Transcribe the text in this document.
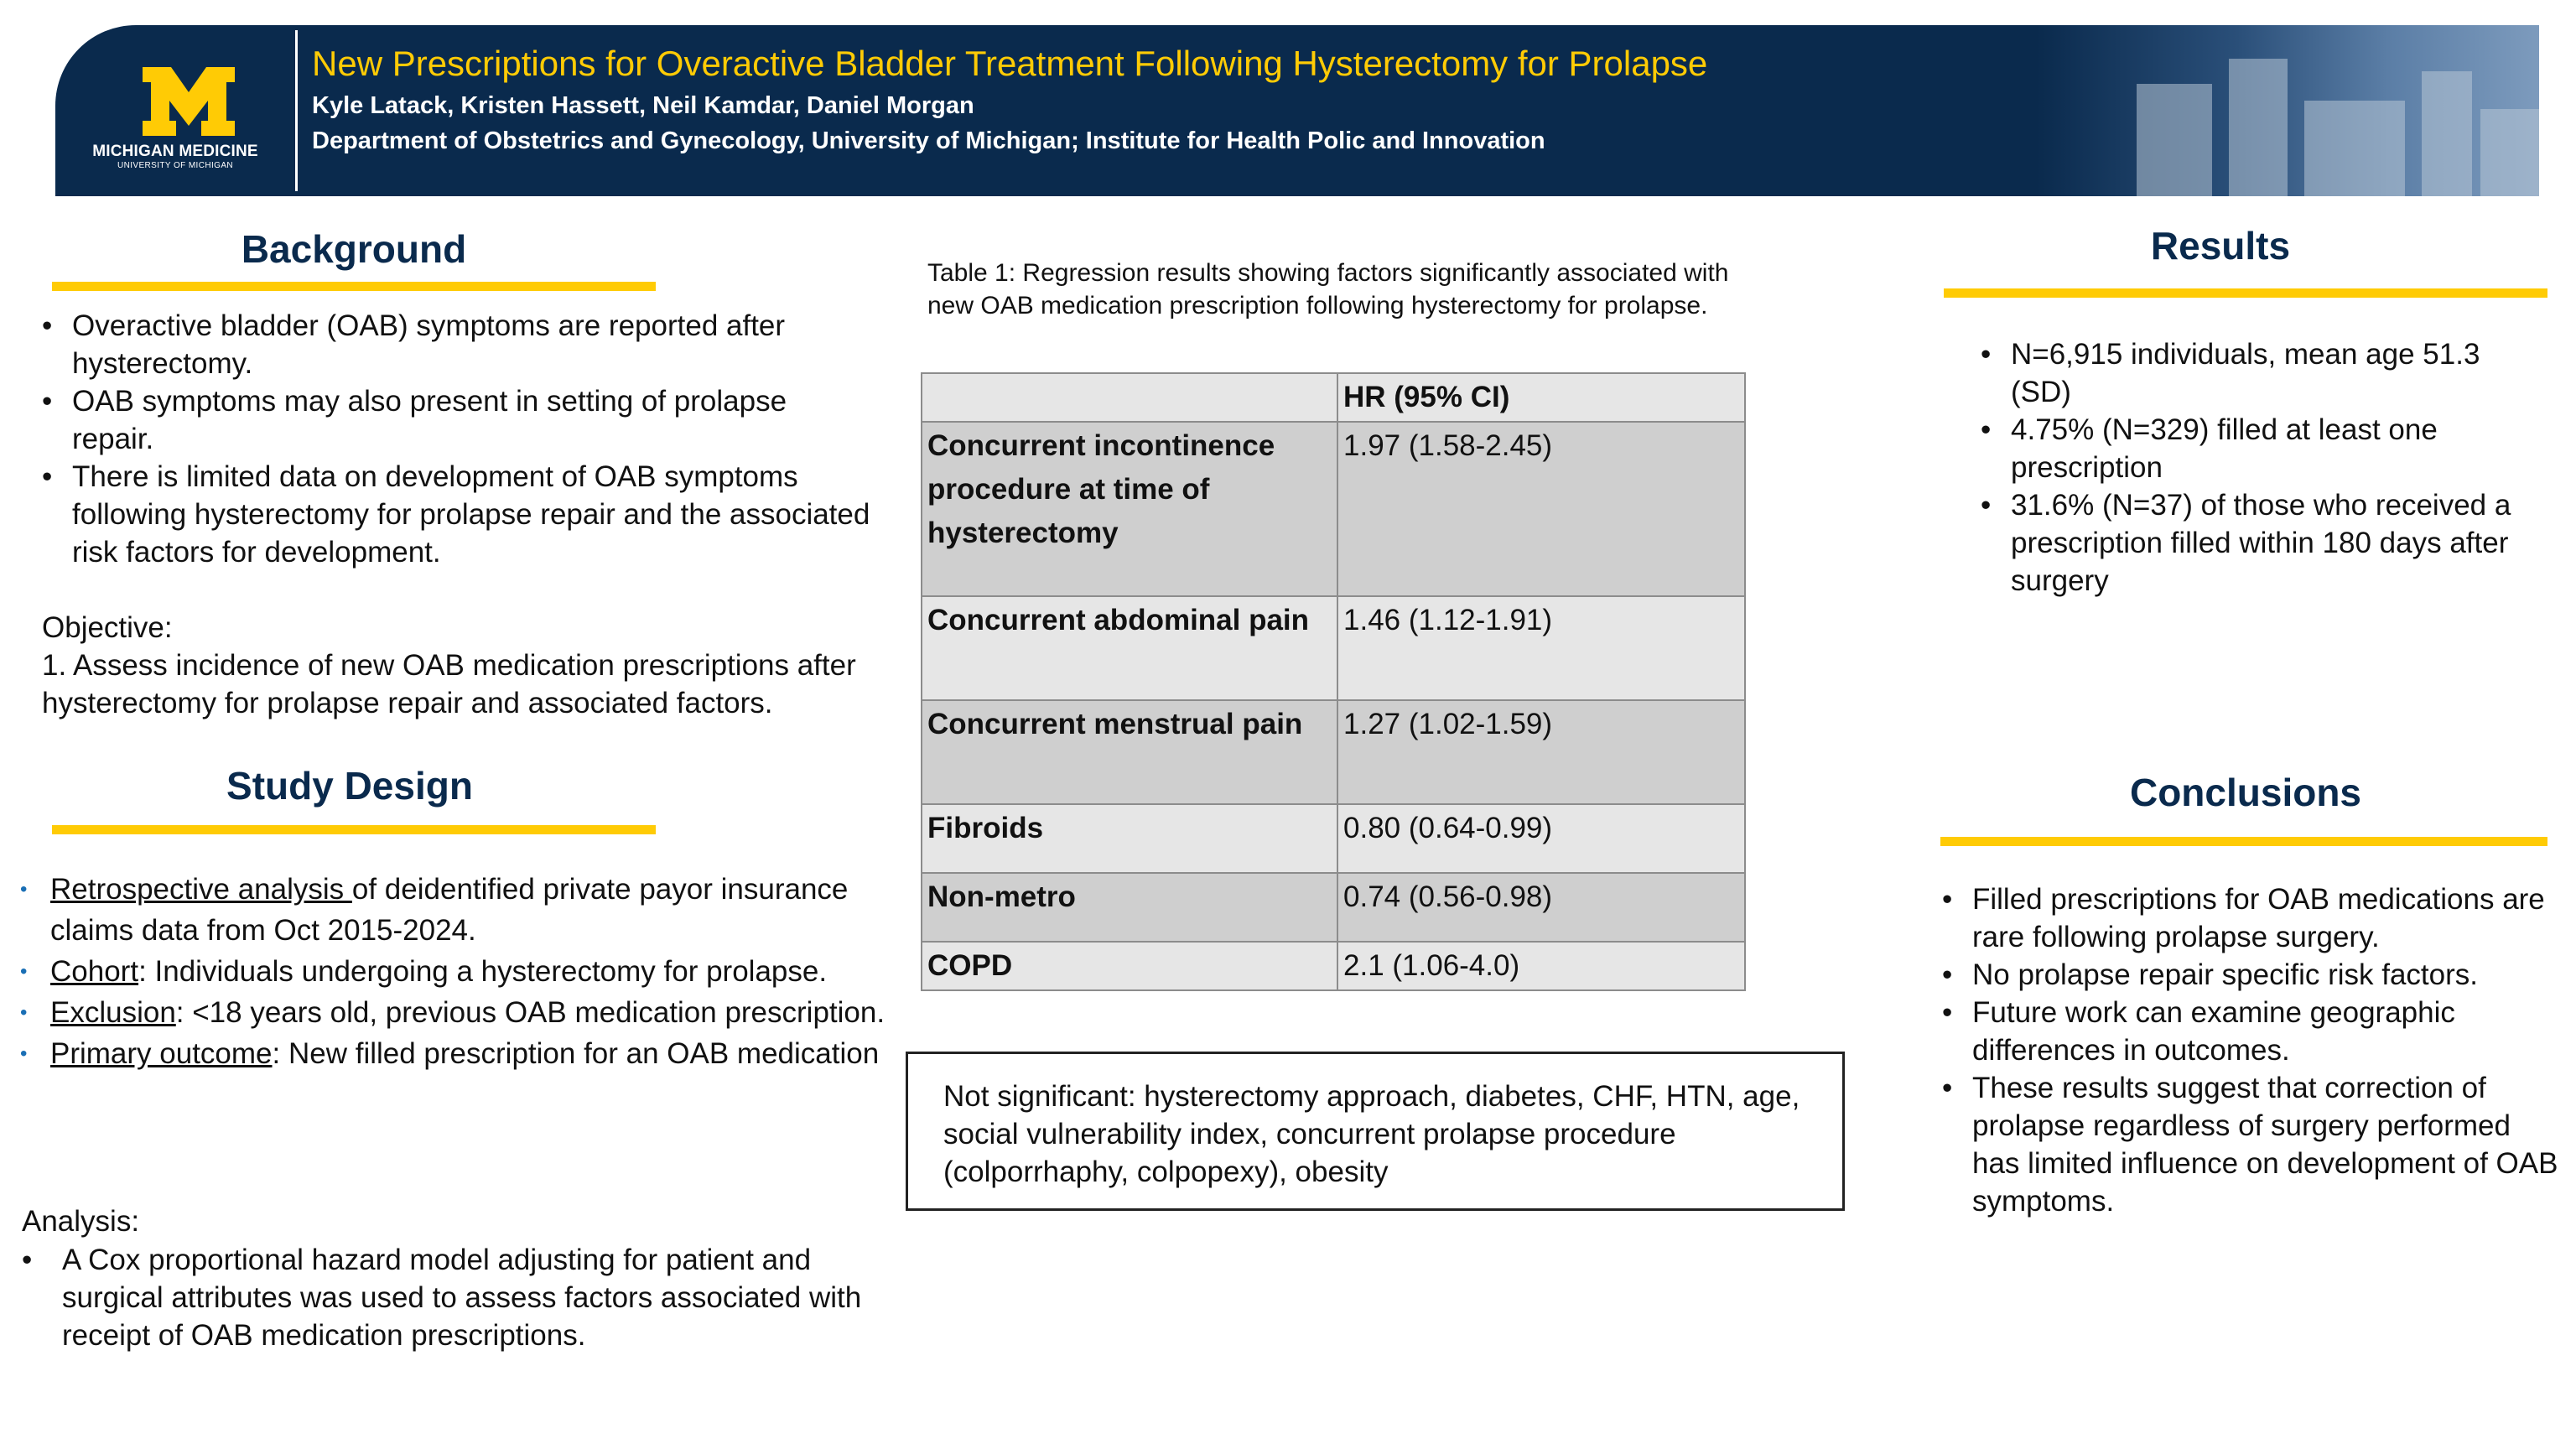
MICHIGAN MEDICINE
UNIVERSITY OF MICHIGAN
New Prescriptions for Overactive Bladder Treatment Following Hysterectomy for Prolapse
Kyle Latack, Kristen Hassett, Neil Kamdar, Daniel Morgan
Department of Obstetrics and Gynecology, University of Michigan; Institute for Health Polic and Innovation
Background
• Overactive bladder (OAB) symptoms are reported after hysterectomy.
• OAB symptoms may also present in setting of prolapse repair.
• There is limited data on development of OAB symptoms following hysterectomy for prolapse repair and the associated risk factors for development.
Objective:
1. Assess incidence of new OAB medication prescriptions after hysterectomy for prolapse repair and associated factors.
Study Design
• Retrospective analysis of deidentified private payor insurance claims data from Oct 2015-2024.
• Cohort: Individuals undergoing a hysterectomy for prolapse.
• Exclusion: <18 years old, previous OAB medication prescription.
• Primary outcome: New filled prescription for an OAB medication
Analysis:
• A Cox proportional hazard model adjusting for patient and surgical attributes was used to assess factors associated with receipt of OAB medication prescriptions.
Table 1: Regression results showing factors significantly associated with new OAB medication prescription following hysterectomy for prolapse.
	HR (95% CI)
Concurrent incontinence procedure at time of hysterectomy	1.97 (1.58-2.45)
Concurrent abdominal pain	1.46 (1.12-1.91)
Concurrent menstrual pain	1.27 (1.02-1.59)
Fibroids	0.80 (0.64-0.99)
Non-metro	0.74 (0.56-0.98)
COPD	2.1 (1.06-4.0)
Not significant: hysterectomy approach, diabetes, CHF, HTN, age, social vulnerability index, concurrent prolapse procedure (colporrhaphy, colpopexy), obesity
Results
• N=6,915 individuals, mean age 51.3 (SD)
• 4.75% (N=329) filled at least one prescription
• 31.6% (N=37) of those who received a prescription filled within 180 days after surgery
Conclusions
• Filled prescriptions for OAB medications are rare following prolapse surgery.
• No prolapse repair specific risk factors.
• Future work can examine geographic differences in outcomes.
• These results suggest that correction of prolapse regardless of surgery performed has limited influence on development of OAB symptoms.
